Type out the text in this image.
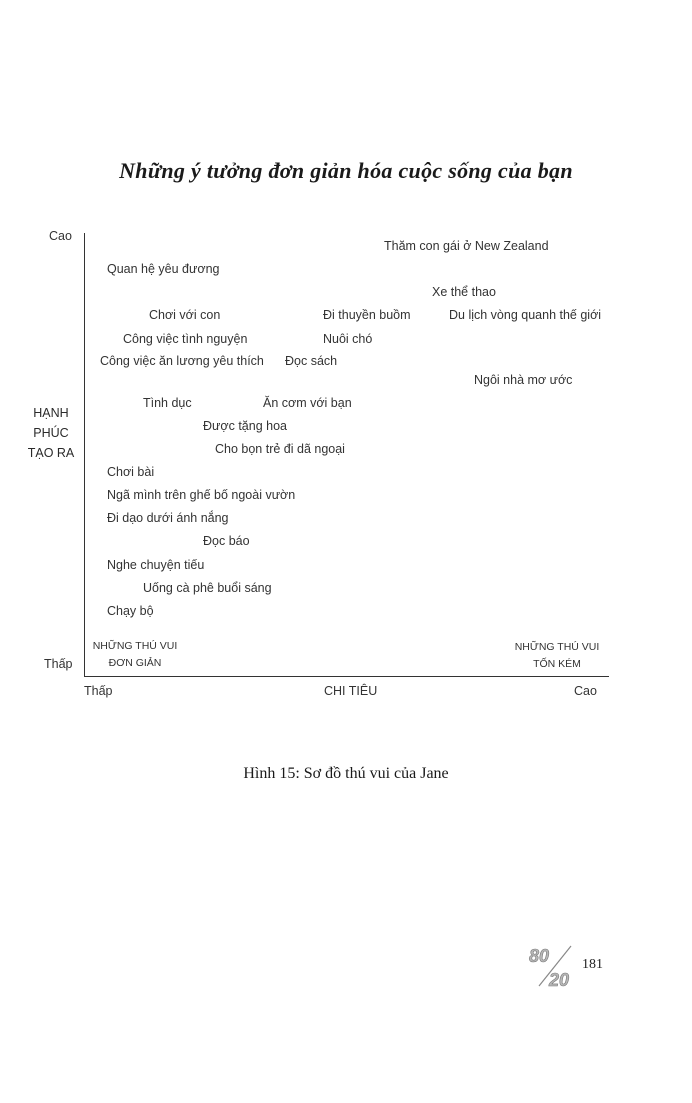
Những ý tưởng đơn giản hóa cuộc sống của bạn
Cao
Thấp
HẠNH
PHÚC
TẠO RA
Thấp	CHI TIÊU	Cao
NHỮNG THÚ VUI
ĐƠN GIẢN
NHỮNG THÚ VUI
TỐN KÉM
Thăm con gái ở New Zealand
Quan hệ yêu đương
Xe thể thao
Chơi với con	Đi thuyền buồm	Du lịch vòng quanh thế giới
Công việc tình nguyện	Nuôi chó
Công việc ăn lương yêu thích Đọc sách
Ngôi nhà mơ ước
Tình dục	Ăn cơm với bạn
Được tặng hoa
Cho bọn trẻ đi dã ngoại
Chơi bài
Ngã mình trên ghế bố ngoài vườn
Đi dạo dưới ánh nắng
Đọc báo
Nghe chuyện tiếu
Uống cà phê buổi sáng
Chạy bộ
Hình 15: Sơ đồ thú vui của Jane
80
20
181
